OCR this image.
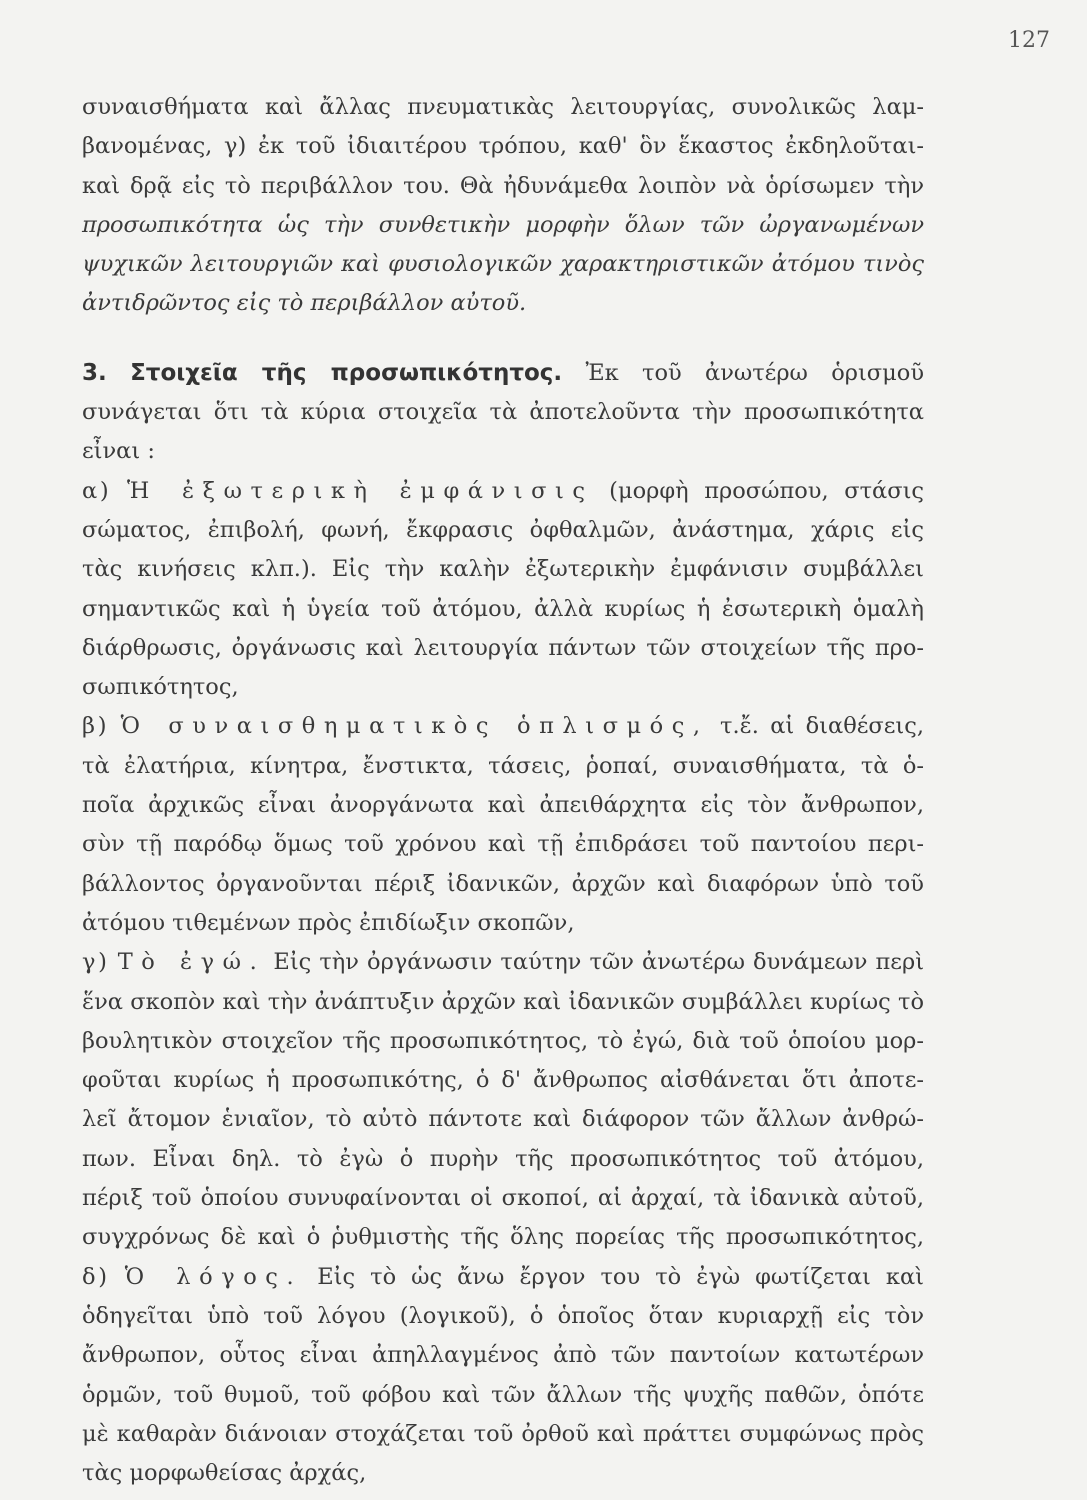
127
συναισθήματα καὶ ἄλλας πνευματικὰς λειτουργίας, συνολικῶς λαμ-
βανομένας, γ) ἐκ τοῦ ἰδιαιτέρου τρόπου, καθ' ὃν ἕκαστος ἐκδηλοῦται-
καὶ δρᾷ εἰς τὸ περιβάλλον του. Θὰ ἠδυνάμεθα λοιπὸν νὰ ὁρίσωμεν τὴν
προσωπικότητα ὡς τὴν συνθετικὴν μορφὴν ὅλων τῶν ὠργανωμένων
ψυχικῶν λειτουργιῶν καὶ φυσιολογικῶν χαρακτηριστικῶν ἀτόμου τινὸς
ἀντιδρῶντος εἰς τὸ περιβάλλον αὐτοῦ.
3. Στοιχεῖα τῆς προσωπικότητος. Ἐκ τοῦ ἀνωτέρω ὁρισμοῦ
συνάγεται ὅτι τὰ κύρια στοιχεῖα τὰ ἀποτελοῦντα τὴν προσωπικότητα
εἶναι :
α) Ἡ ἐξωτερικὴ ἐμφάνισις (μορφὴ προσώπου, στάσις
σώματος, ἐπιβολή, φωνή, ἔκφρασις ὀφθαλμῶν, ἀνάστημα, χάρις εἰς
τὰς κινήσεις κλπ.). Εἰς τὴν καλὴν ἐξωτερικὴν ἐμφάνισιν συμβάλλει
σημαντικῶς καὶ ἡ ὑγεία τοῦ ἀτόμου, ἀλλὰ κυρίως ἡ ἐσωτερικὴ ὁμαλὴ
διάρθρωσις, ὀργάνωσις καὶ λειτουργία πάντων τῶν στοιχείων τῆς προ-
σωπικότητος,
β) Ὁ συναισθηματικὸς ὁπλισμός, τ.ἔ. αἱ διαθέσεις,
τὰ ἐλατήρια, κίνητρα, ἔνστικτα, τάσεις, ῥοπαί, συναισθήματα, τὰ ὁ-
ποῖα ἀρχικῶς εἶναι ἀνοργάνωτα καὶ ἀπειθάρχητα εἰς τὸν ἄνθρωπον,
σὺν τῇ παρόδῳ ὅμως τοῦ χρόνου καὶ τῇ ἐπιδράσει τοῦ παντοίου περι-
βάλλοντος ὀργανοῦνται πέριξ ἰδανικῶν, ἀρχῶν καὶ διαφόρων ὑπὸ τοῦ
ἀτόμου τιθεμένων πρὸς ἐπιδίωξιν σκοπῶν,
γ) Τὸ ἐγώ. Εἰς τὴν ὀργάνωσιν ταύτην τῶν ἀνωτέρω δυνάμεων περὶ
ἕνα σκοπὸν καὶ τὴν ἀνάπτυξιν ἀρχῶν καὶ ἰδανικῶν συμβάλλει κυρίως τὸ
βουλητικὸν στοιχεῖον τῆς προσωπικότητος, τὸ ἐγώ, διὰ τοῦ ὁποίου μορ-
φοῦται κυρίως ἡ προσωπικότης, ὁ δ' ἄνθρωπος αἰσθάνεται ὅτι ἀποτε-
λεῖ ἄτομον ἑνιαῖον, τὸ αὐτὸ πάντοτε καὶ διάφορον τῶν ἄλλων ἀνθρώ-
πων. Εἶναι δηλ. τὸ ἐγὼ ὁ πυρὴν τῆς προσωπικότητος τοῦ ἀτόμου,
πέριξ τοῦ ὁποίου συνυφαίνονται οἱ σκοποί, αἱ ἀρχαί, τὰ ἰδανικὰ αὐτοῦ,
συγχρόνως δὲ καὶ ὁ ῥυθμιστὴς τῆς ὅλης πορείας τῆς προσωπικότητος,
δ) Ὁ λόγος. Εἰς τὸ ὡς ἄνω ἔργον του τὸ ἐγὼ φωτίζεται καὶ
ὁδηγεῖται ὑπὸ τοῦ λόγου (λογικοῦ), ὁ ὁποῖος ὅταν κυριαρχῇ εἰς τὸν
ἄνθρωπον, οὗτος εἶναι ἀπηλλαγμένος ἀπὸ τῶν παντοίων κατωτέρων
ὁρμῶν, τοῦ θυμοῦ, τοῦ φόβου καὶ τῶν ἄλλων τῆς ψυχῆς παθῶν, ὁπότε
μὲ καθαρὰν διάνοιαν στοχάζεται τοῦ ὀρθοῦ καὶ πράττει συμφώνως πρὸς
τὰς μορφωθείσας ἀρχάς,
